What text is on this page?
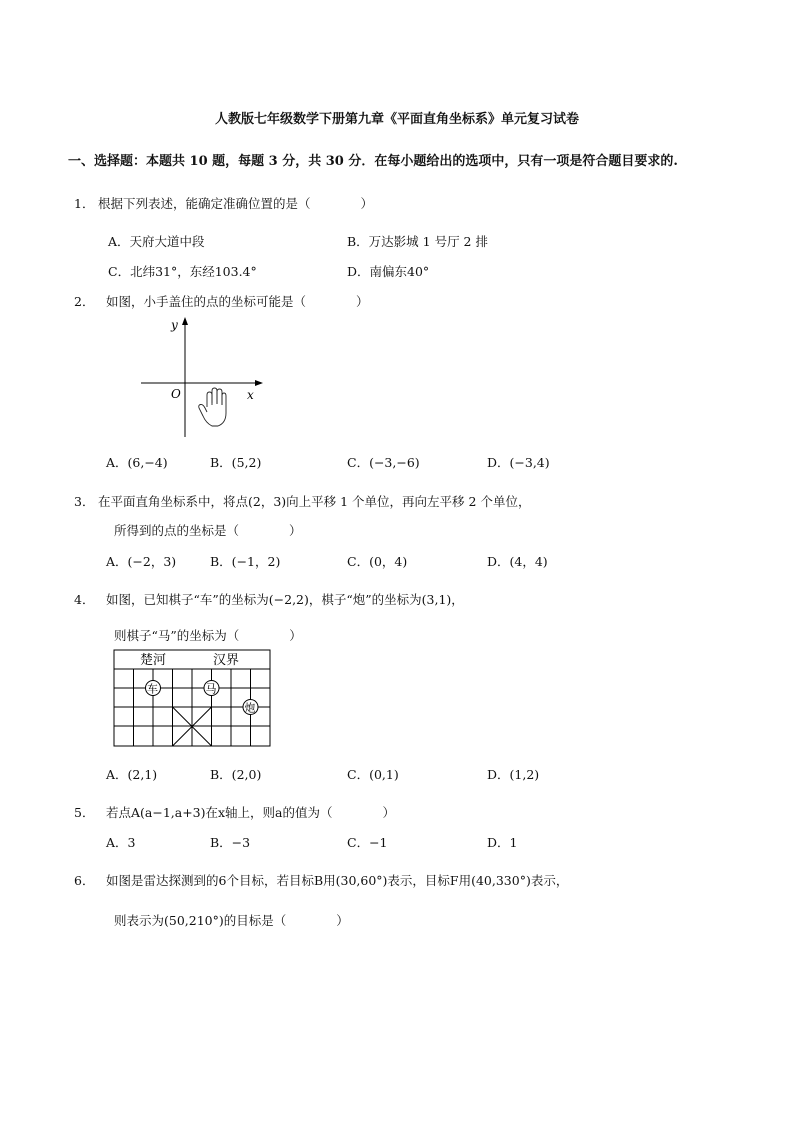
人教版七年级数学下册第九章《平面直角坐标系》单元复习试卷
一、选择题：本题共 10 题，每题 3 分，共 30 分．在每小题给出的选项中，只有一项是符合题目要求的.
1． 根据下列表述，能确定准确位置的是（　　　　）
A．天府大道中段	B．万达影城 1 号厅 2 排
C．北纬31°，东经103.4°	D．南偏东40°
2． 如图，小手盖住的点的坐标可能是（　　　　）
y
x
O
A．(6,−4)	B．(5,2)	C．(−3,−6)	D．(−3,4)
3． 在平面直角坐标系中，将点(2，3)向上平移 1 个单位，再向左平移 2 个单位，
所得到的点的坐标是（　　　　）
A．(−2，3)	B．(−1，2)	C．(0，4)	D．(4，4)
4． 如图，已知棋子“车”的坐标为(−2,2)，棋子“炮”的坐标为(3,1)，
则棋子“马”的坐标为（　　　　）
楚河	汉界
车	马
炮
A．(2,1)	B．(2,0)	C．(0,1)	D．(1,2)
5． 若点A(a−1,a+3)在x轴上，则a的值为（　　　　）
A．3	B．−3	C．−1	D．1
6． 如图是雷达探测到的6个目标，若目标B用(30,60°)表示，目标F用(40,330°)表示，
则表示为(50,210°)的目标是（　　　　）
